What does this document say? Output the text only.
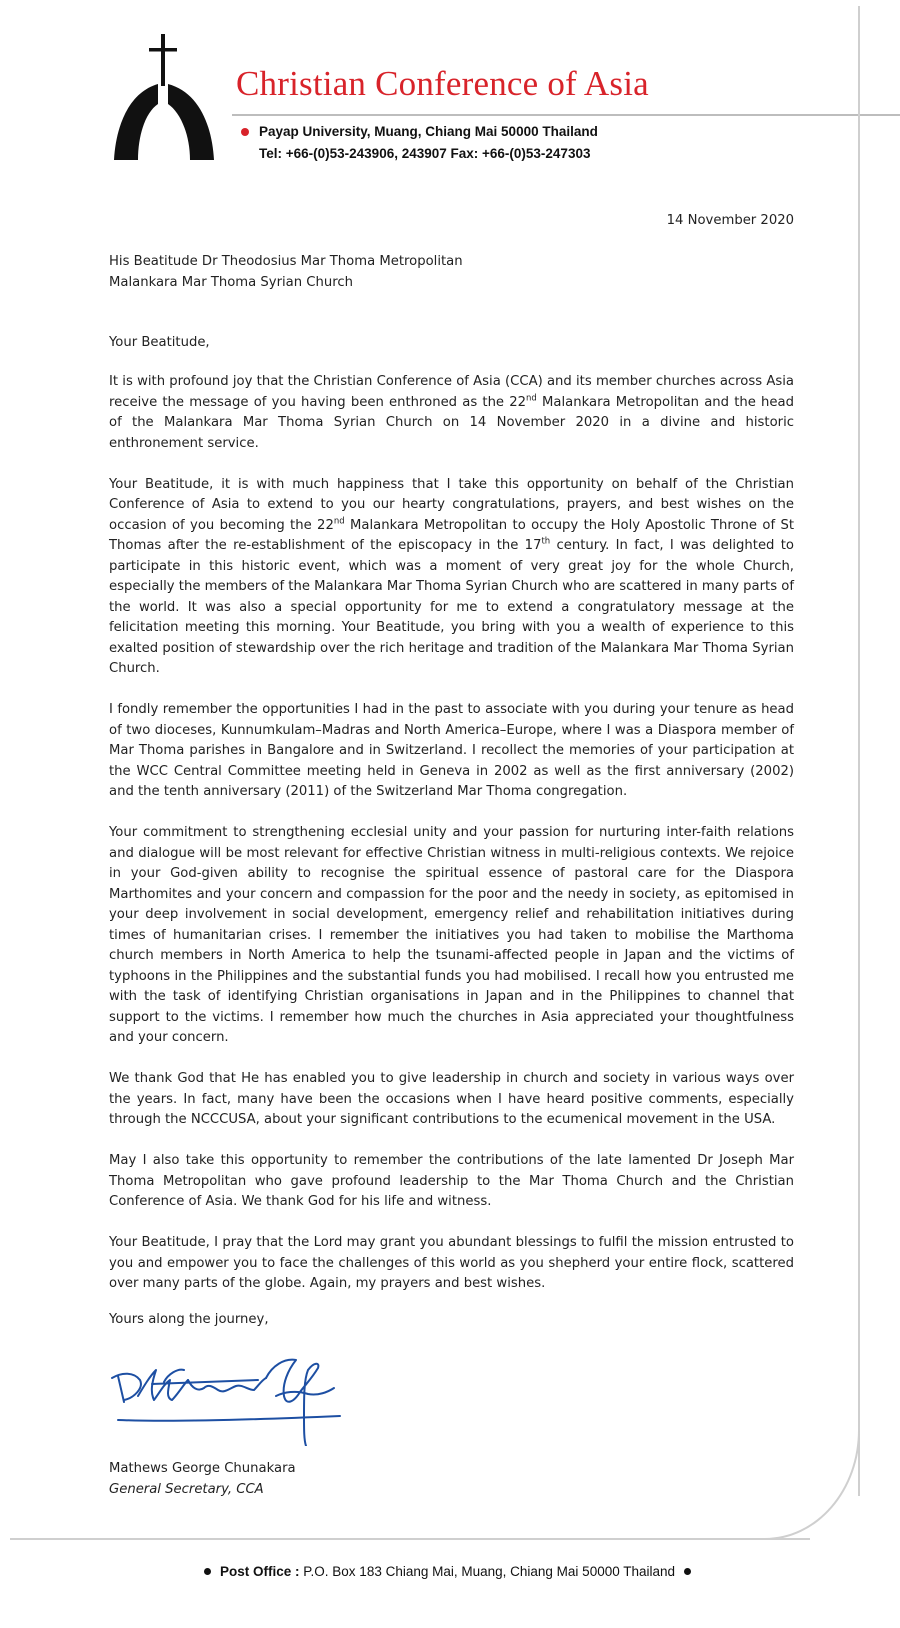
Christian Conference of Asia
Payap University, Muang, Chiang Mai 50000 Thailand
Tel: +66-(0)53-243906, 243907 Fax: +66-(0)53-247303
14 November 2020
His Beatitude Dr Theodosius Mar Thoma Metropolitan
Malankara Mar Thoma Syrian Church
Your Beatitude,

It is with profound joy that the Christian Conference of Asia (CCA) and its member churches across Asia receive the message of you having been enthroned as the 22nd Malankara Metropolitan and the head of the Malankara Mar Thoma Syrian Church on 14 November 2020 in a divine and historic enthronement service.

Your Beatitude, it is with much happiness that I take this opportunity on behalf of the Christian Conference of Asia to extend to you our hearty congratulations, prayers, and best wishes on the occasion of you becoming the 22nd Malankara Metropolitan to occupy the Holy Apostolic Throne of St Thomas after the re-establishment of the episcopacy in the 17th century. In fact, I was delighted to participate in this historic event, which was a moment of very great joy for the whole Church, especially the members of the Malankara Mar Thoma Syrian Church who are scattered in many parts of the world. It was also a special opportunity for me to extend a congratulatory message at the felicitation meeting this morning. Your Beatitude, you bring with you a wealth of experience to this exalted position of stewardship over the rich heritage and tradition of the Malankara Mar Thoma Syrian Church.

I fondly remember the opportunities I had in the past to associate with you during your tenure as head of two dioceses, Kunnumkulam–Madras and North America–Europe, where I was a Diaspora member of Mar Thoma parishes in Bangalore and in Switzerland. I recollect the memories of your participation at the WCC Central Committee meeting held in Geneva in 2002 as well as the first anniversary (2002) and the tenth anniversary (2011) of the Switzerland Mar Thoma congregation.

Your commitment to strengthening ecclesial unity and your passion for nurturing inter-faith relations and dialogue will be most relevant for effective Christian witness in multi-religious contexts. We rejoice in your God-given ability to recognise the spiritual essence of pastoral care for the Diaspora Marthomites and your concern and compassion for the poor and the needy in society, as epitomised in your deep involvement in social development, emergency relief and rehabilitation initiatives during times of humanitarian crises. I remember the initiatives you had taken to mobilise the Marthoma church members in North America to help the tsunami-affected people in Japan and the victims of typhoons in the Philippines and the substantial funds you had mobilised. I recall how you entrusted me with the task of identifying Christian organisations in Japan and in the Philippines to channel that support to the victims. I remember how much the churches in Asia appreciated your thoughtfulness and your concern.

We thank God that He has enabled you to give leadership in church and society in various ways over the years. In fact, many have been the occasions when I have heard positive comments, especially through the NCCCUSA, about your significant contributions to the ecumenical movement in the USA.

May I also take this opportunity to remember the contributions of the late lamented Dr Joseph Mar Thoma Metropolitan who gave profound leadership to the Mar Thoma Church and the Christian Conference of Asia. We thank God for his life and witness.

Your Beatitude, I pray that the Lord may grant you abundant blessings to fulfil the mission entrusted to you and empower you to face the challenges of this world as you shepherd your entire flock, scattered over many parts of the globe. Again, my prayers and best wishes.

Yours along the journey,
Mathews George Chunakara
General Secretary, CCA
Post Office : P.O. Box 183 Chiang Mai, Muang, Chiang Mai 50000 Thailand
